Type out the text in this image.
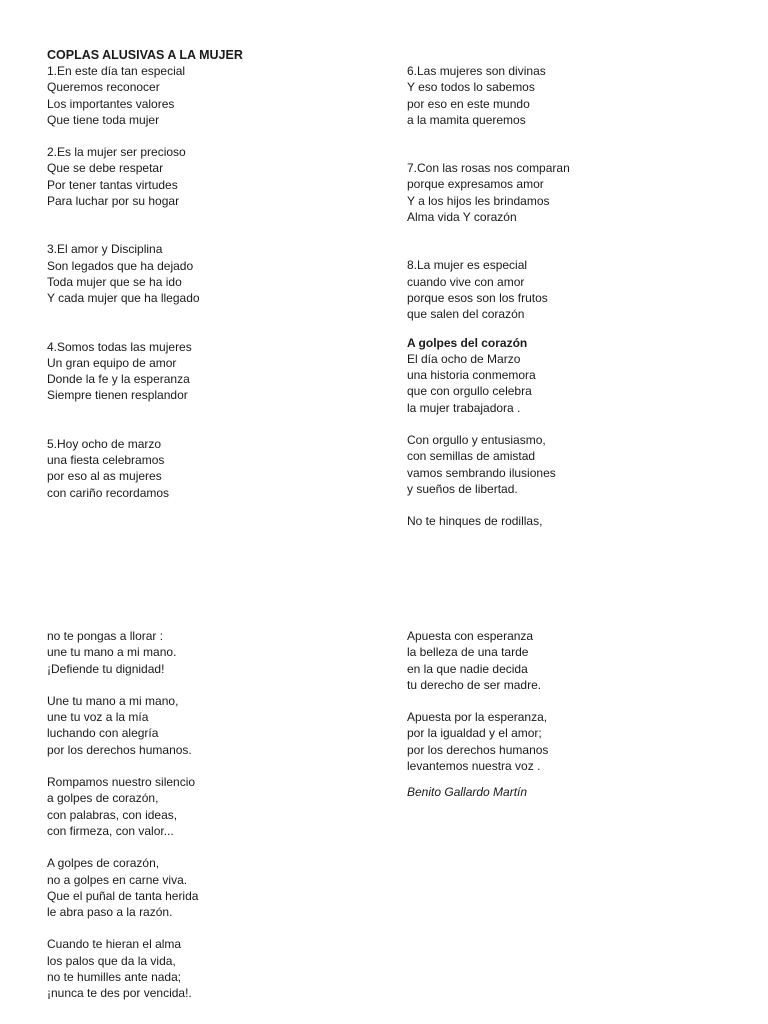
COPLAS ALUSIVAS A LA MUJER

1.En este día tan especial

Queremos reconocer

Los importantes valores

Que tiene toda mujer

2.Es la mujer ser precioso

Que se debe respetar

Por tener tantas virtudes

Para luchar por su hogar

3.El amor y Disciplina

Son legados que ha dejado

Toda mujer que se ha ido

Y cada mujer que ha llegado

4.Somos todas las mujeres

Un gran equipo de amor

Donde la fe y la esperanza

Siempre tienen resplandor

5.Hoy ocho de marzo

una fiesta celebramos

por eso al as mujeres

con cariño recordamos

6.Las mujeres son divinas

Y eso todos lo sabemos

por eso en este mundo

a la mamita queremos

7.Con las rosas nos comparan

porque expresamos amor

Y a los hijos les brindamos

Alma vida Y corazón

8.La mujer es especial

cuando vive con amor

porque esos son los frutos

que salen del corazón

A golpes del corazón

El día ocho de Marzo

una historia conmemora

que con orgullo celebra

la mujer trabajadora .

Con orgullo y entusiasmo,

con semillas de amistad

vamos sembrando ilusiones

y sueños de libertad.

No te hinques de rodillas,

no te pongas a llorar :

une tu mano a mi mano.

¡Defiende tu dignidad!

Une tu mano a mi mano,

une tu voz a la mía

luchando con alegría

por los derechos humanos.

Rompamos nuestro silencio

a golpes de corazón,

con palabras, con ideas,

con firmeza, con valor...

A golpes de corazón,

no a golpes en carne viva.

Que el puñal de tanta herida

le abra paso a la razón.

Cuando te hieran el alma

los palos que da la vida,

no te humilles ante nada;

¡nunca te des por vencida!.

Apuesta con esperanza

la belleza de una tarde

en la que nadie decida

tu derecho de ser madre.

Apuesta por la esperanza,

por la igualdad y el amor;

por los derechos humanos

levantemos nuestra voz .

Benito Gallardo Martín
